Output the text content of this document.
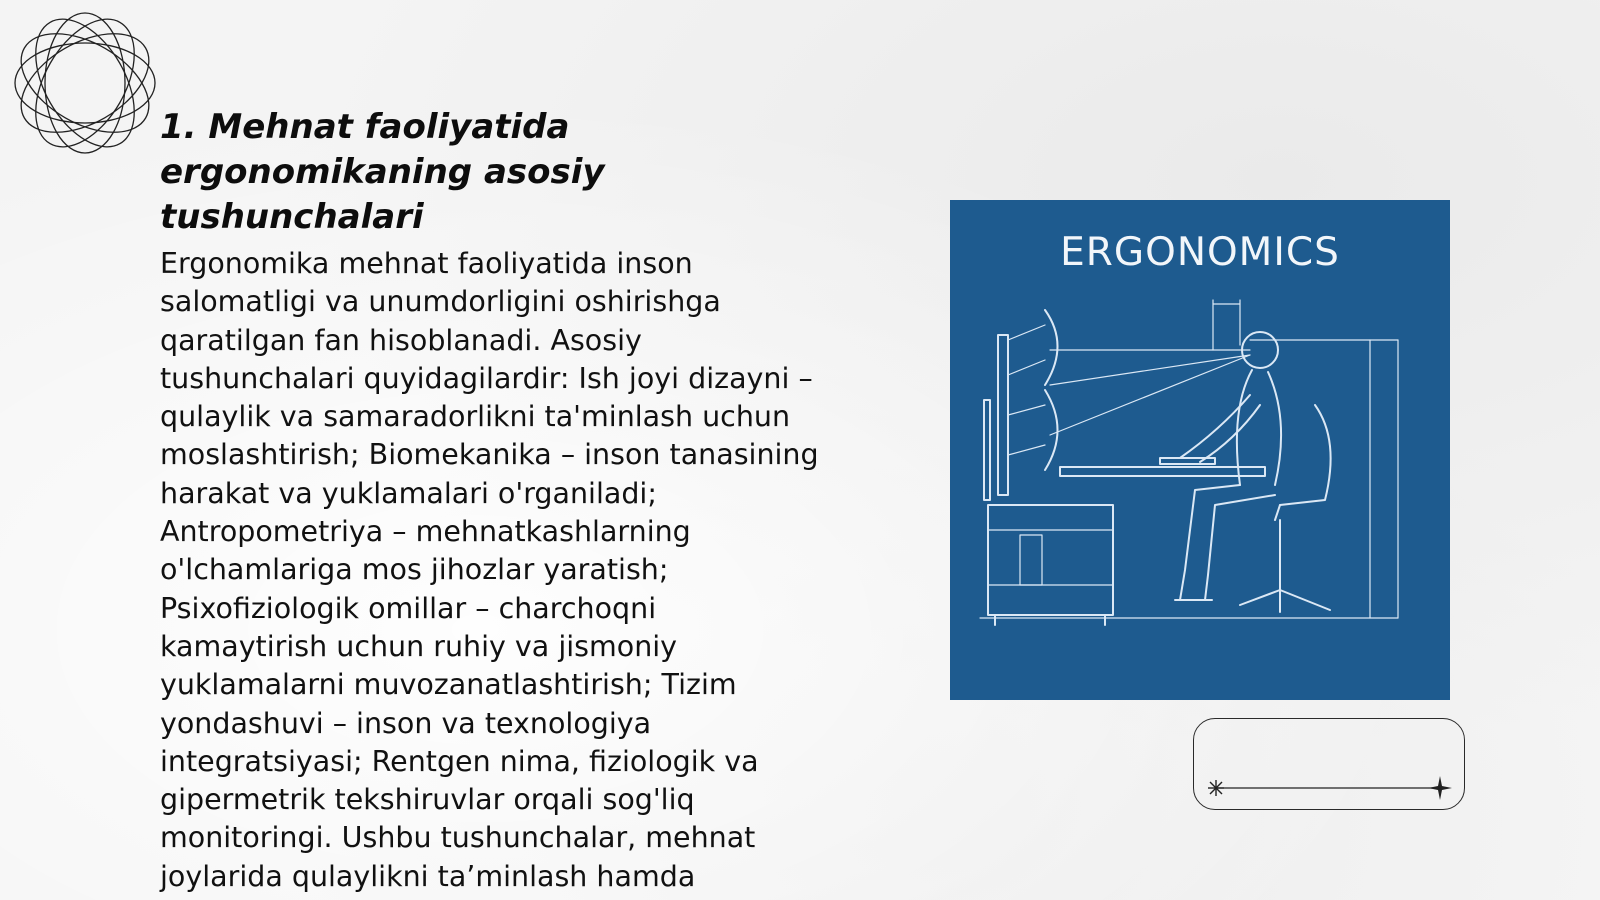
1. Mehnat faoliyatida ergonomikaning asosiy tushunchalari

Ergonomika mehnat faoliyatida inson salomatligi va unumdorligini oshirishga qaratilgan fan hisoblanadi. Asosiy tushunchalari quyidagilardir: Ish joyi dizayni – qulaylik va samaradorlikni ta'minlash uchun moslashtirish; Biomekanika – inson tanasining harakat va yuklamalari o'rganiladi; Antropometriya – mehnatkashlarning o'lchamlariga mos jihozlar yaratish; Psixofiziologik omillar – charchoqni kamaytirish uchun ruhiy va jismoniy yuklamalarni muvozanatlashtirish; Tizim yondashuvi – inson va texnologiya integratsiyasi; Rentgen nima, fiziologik va gipermetrik tekshiruvlar orqali sog'liq monitoringi. Ushbu tushunchalar, mehnat joylarida qulaylikni ta’minlash hamda

ERGONOMICS
